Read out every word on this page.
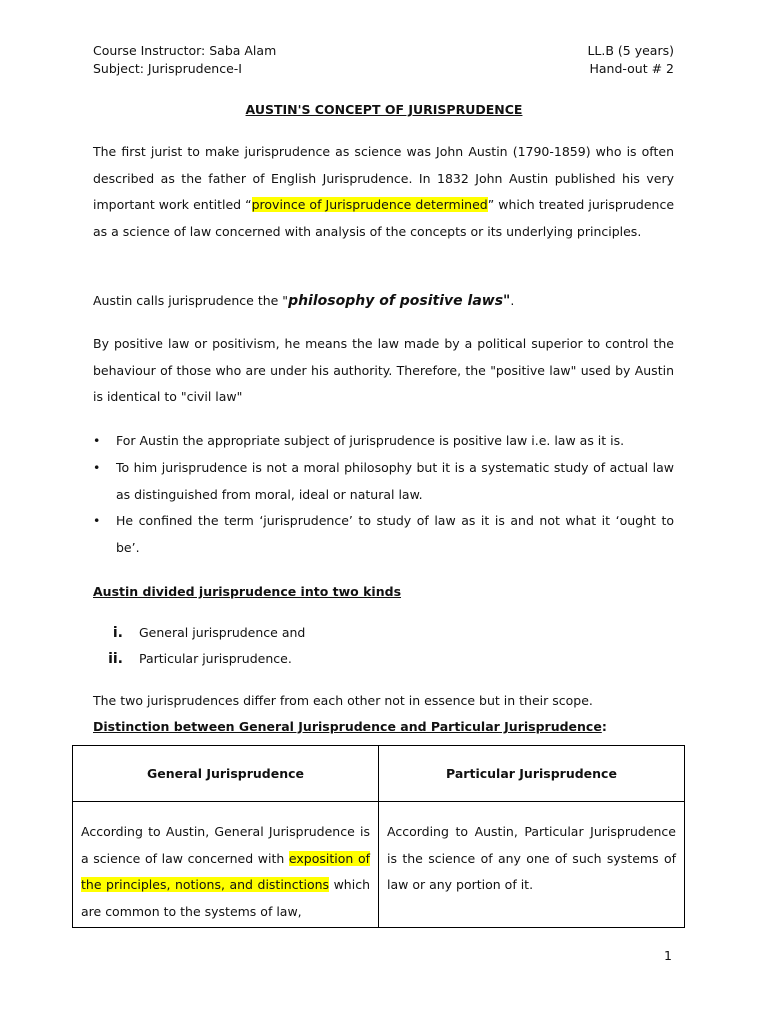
Course Instructor: Saba Alam
Subject: Jurisprudence-I
LL.B (5 years)
Hand-out # 2
AUSTIN'S CONCEPT OF JURISPRUDENCE
The first jurist to make jurisprudence as science was John Austin (1790-1859) who is often described as the father of English Jurisprudence. In 1832 John Austin published his very important work entitled “province of Jurisprudence determined” which treated jurisprudence as a science of law concerned with analysis of the concepts or its underlying principles.
Austin calls jurisprudence the "philosophy of positive laws".
By positive law or positivism, he means the law made by a political superior to control the behaviour of those who are under his authority. Therefore, the "positive law" used by Austin is identical to "civil law"
• For Austin the appropriate subject of jurisprudence is positive law i.e. law as it is.
• To him jurisprudence is not a moral philosophy but it is a systematic study of actual law as distinguished from moral, ideal or natural law.
• He confined the term ‘jurisprudence’ to study of law as it is and not what it ‘ought to be’.
Austin divided jurisprudence into two kinds
i. General jurisprudence and
ii. Particular jurisprudence.
The two jurisprudences differ from each other not in essence but in their scope.
Distinction between General Jurisprudence and Particular Jurisprudence:
General Jurisprudence	Particular Jurisprudence
According to Austin, General Jurisprudence is a science of law concerned with exposition of the principles, notions, and distinctions which are common to the systems of law,	According to Austin, Particular Jurisprudence is the science of any one of such systems of law or any portion of it.
1
